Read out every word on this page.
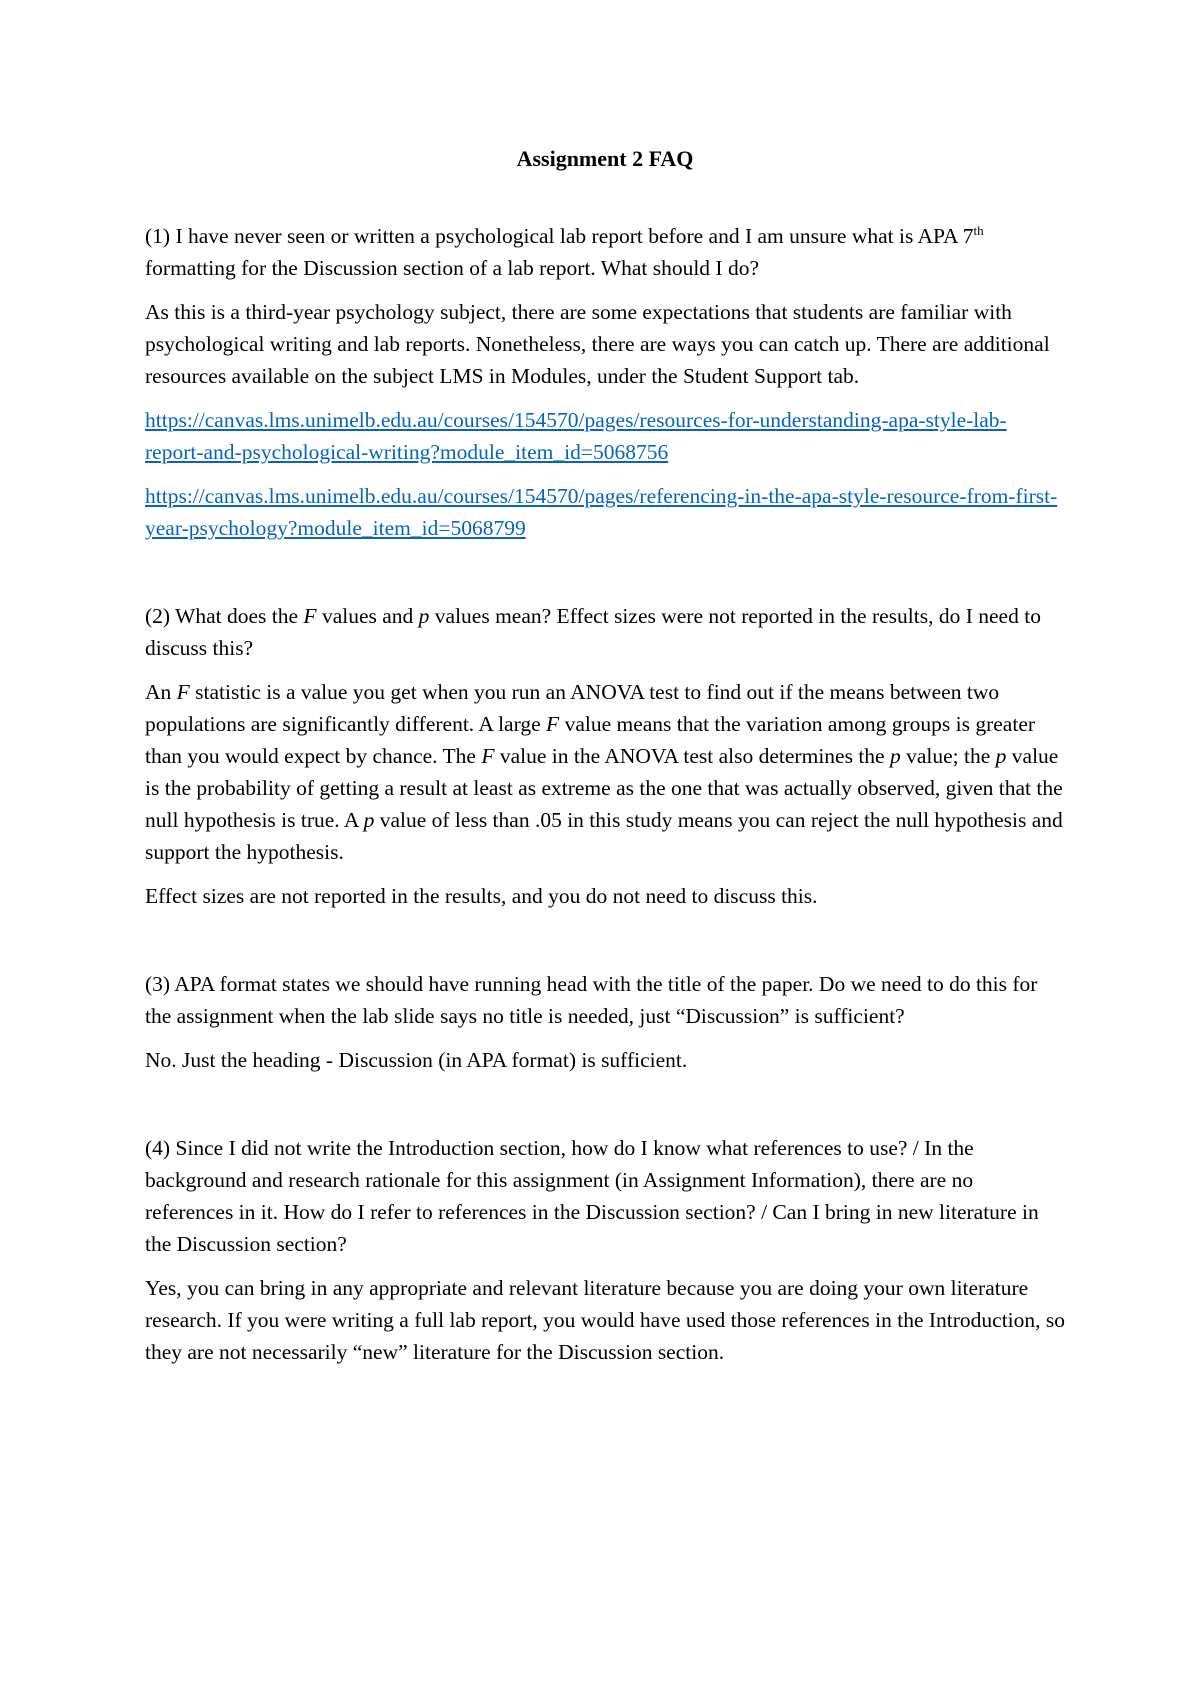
Assignment 2 FAQ

(1) I have never seen or written a psychological lab report before and I am unsure what is APA 7th formatting for the Discussion section of a lab report. What should I do?

As this is a third-year psychology subject, there are some expectations that students are familiar with psychological writing and lab reports. Nonetheless, there are ways you can catch up. There are additional resources available on the subject LMS in Modules, under the Student Support tab.

https://canvas.lms.unimelb.edu.au/courses/154570/pages/resources-for-understanding-apa-style-lab-report-and-psychological-writing?module_item_id=5068756

https://canvas.lms.unimelb.edu.au/courses/154570/pages/referencing-in-the-apa-style-resource-from-first-year-psychology?module_item_id=5068799

(2) What does the F values and p values mean? Effect sizes were not reported in the results, do I need to discuss this?

An F statistic is a value you get when you run an ANOVA test to find out if the means between two populations are significantly different. A large F value means that the variation among groups is greater than you would expect by chance. The F value in the ANOVA test also determines the p value; the p value is the probability of getting a result at least as extreme as the one that was actually observed, given that the null hypothesis is true. A p value of less than .05 in this study means you can reject the null hypothesis and support the hypothesis.

Effect sizes are not reported in the results, and you do not need to discuss this.

(3) APA format states we should have running head with the title of the paper. Do we need to do this for the assignment when the lab slide says no title is needed, just “Discussion” is sufficient?

No. Just the heading - Discussion (in APA format) is sufficient.

(4) Since I did not write the Introduction section, how do I know what references to use? / In the background and research rationale for this assignment (in Assignment Information), there are no references in it. How do I refer to references in the Discussion section? / Can I bring in new literature in the Discussion section?

Yes, you can bring in any appropriate and relevant literature because you are doing your own literature research. If you were writing a full lab report, you would have used those references in the Introduction, so they are not necessarily “new” literature for the Discussion section.
